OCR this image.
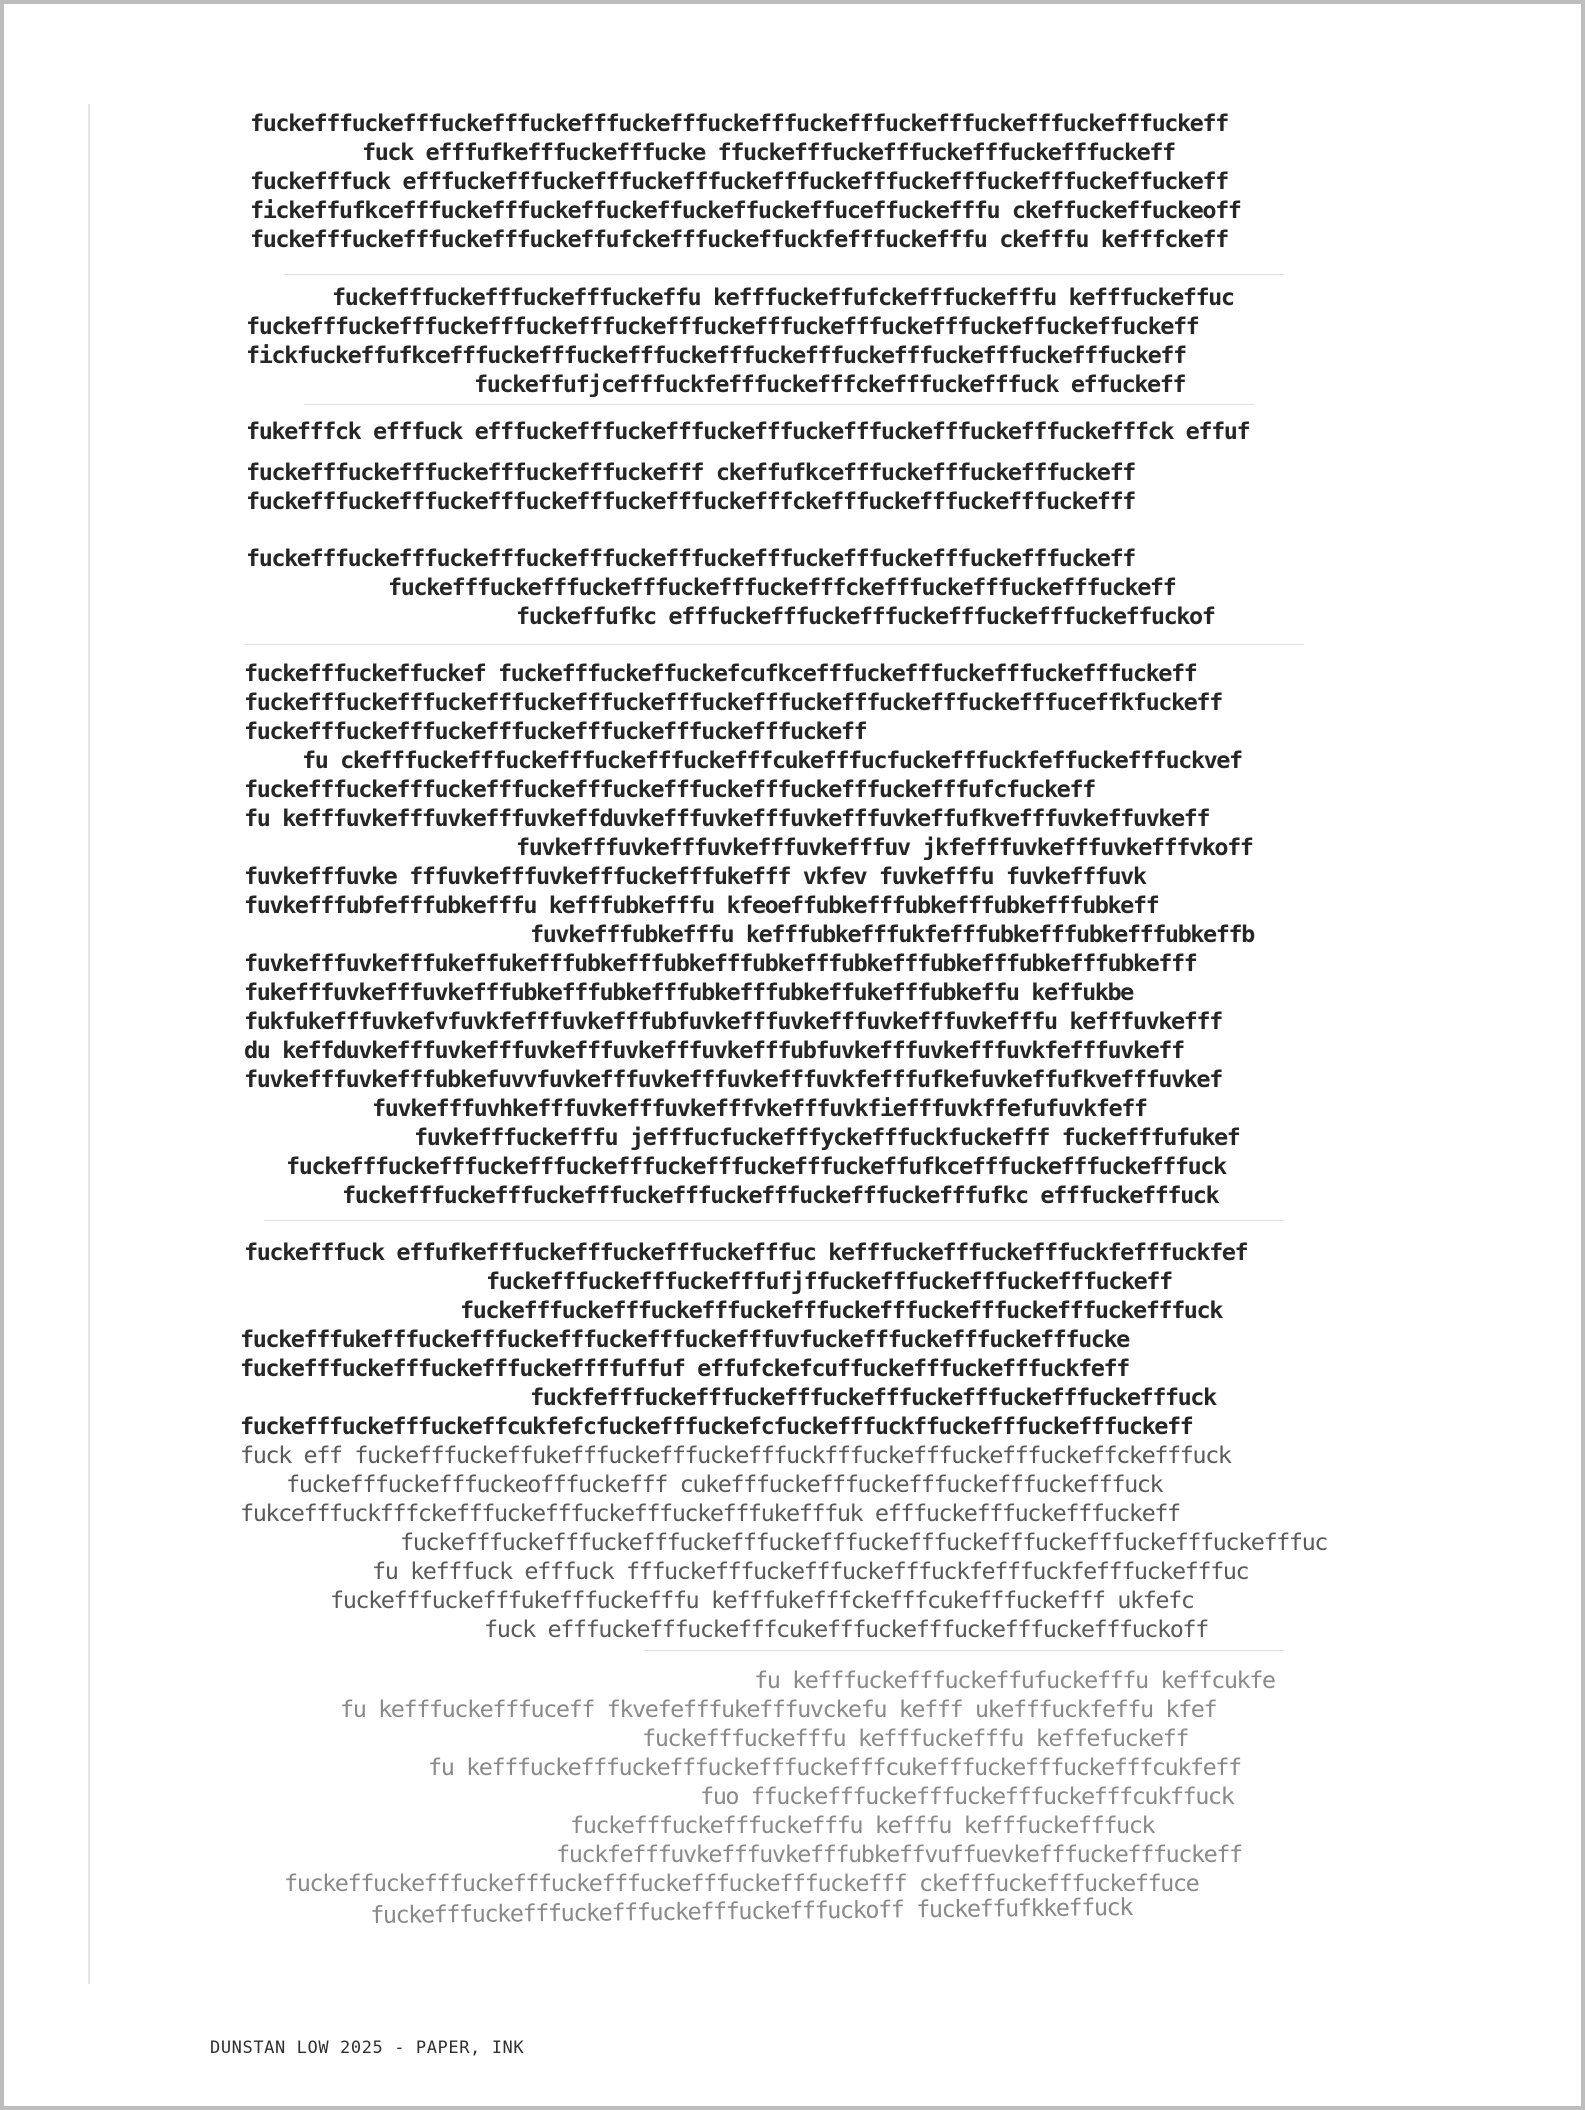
fuckefffuckefffuckefffuckefffuckefffuckefffuckefffuckefffuckefffuckefffuckeff
fuck efffufkefffuckefffucke ffuckefffuckefffuckefffuckefffuckeff
fuckefffuck efffuckefffuckefffuckefffuckefffuckefffuckefffuckefffuckeffuckeff
fickeffufkcefffuckefffuckeffuckeffuckeffuckeffuceffuckefffu ckeffuckeffuckeoff
fuckefffuckefffuckefffuckeffufckefffuckeffuckfefffuckefffu ckefffu kefffckeff
fuckefffuckefffuckefffuckeffu kefffuckeffufckefffuckefffu kefffuckeffuc
fuckefffuckefffuckefffuckefffuckefffuckefffuckefffuckefffuckeffuckeffuckeff
fickfuckeffufkcefffuckefffuckefffuckefffuckefffuckefffuckefffuckefffuckeff
fuckeffufjcefffuckfefffuckefffckefffuckefffuck effuckeff
fukefffck efffuck efffuckefffuckefffuckefffuckefffuckefffuckefffuckefffck effuf
fuckefffuckefffuckefffuckefffuckefff ckeffufkcefffuckefffuckefffuckeff
fuckefffuckefffuckefffuckefffuckefffuckefffckefffuckefffuckefffuckefff
fuckefffuckefffuckefffuckefffuckefffuckefffuckefffuckefffuckefffuckeff
fuckefffuckefffuckefffuckefffuckefffckefffuckefffuckefffuckeff
fuckeffufkc efffuckefffuckefffuckefffuckefffuckeffuckof
fuckefffuckeffuckef fuckefffuckeffuckefcufkcefffuckefffuckefffuckefffuckeff
fuckefffuckefffuckefffuckefffuckefffuckefffuckefffuckefffuckefffuceffkfuckeff
fuckefffuckefffuckefffuckefffuckefffuckefffuckeff
fu ckefffuckefffuckefffuckefffuckefffcukefffucfuckefffuckfeffuckefffuckvef
fuckefffuckefffuckefffuckefffuckefffuckefffuckefffuckefffufcfuckeff
fu kefffuvkefffuvkefffuvkeffduvkefffuvkefffuvkefffuvkeffufkvefffuvkeffuvkeff
fuvkefffuvkefffuvkefffuvkefffuv jkfefffuvkefffuvkefffvkoff
fuvkefffuvke fffuvkefffuvkefffuckefffukefff vkfev fuvkefffu fuvkefffuvk
fuvkefffubfefffubkefffu kefffubkefffu kfeoeffubkefffubkefffubkefffubkeff
fuvkefffubkefffu kefffubkefffukfefffubkefffubkefffubkeffb
fuvkefffuvkefffukeffukefffubkefffubkefffubkefffubkefffubkefffubkefffubkefff
fukefffuvkefffuvkefffubkefffubkefffubkefffubkeffukefffubkeffu keffukbe
fukfukefffuvkefvfuvkfefffuvkefffubfuvkefffuvkefffuvkefffuvkefffu kefffuvkefff
du keffduvkefffuvkefffuvkefffuvkefffuvkefffubfuvkefffuvkefffuvkfefffuvkeff
fuvkefffuvkefffubkefuvvfuvkefffuvkefffuvkefffuvkfefffufkefuvkeffufkvefffuvkef
fuvkefffuvhkefffuvkefffuvkefffvkefffuvkfiefffuvkffefufuvkfeff
fuvkefffuckefffu jefffucfuckefffyckefffuckfuckefff fuckefffufukef
fuckefffuckefffuckefffuckefffuckefffuckefffuckeffufkcefffuckefffuckefffuck
fuckefffuckefffuckefffuckefffuckefffuckefffuckefffufkc efffuckefffuck
fuckefffuck effufkefffuckefffuckefffuckefffuc kefffuckefffuckefffuckfefffuckfef
fuckefffuckefffuckefffufjffuckefffuckefffuckefffuckeff
fuckefffuckefffuckefffuckefffuckefffuckefffuckefffuckefffuck
fuckefffukefffuckefffuckefffuckefffuckefffuvfuckefffuckefffuckefffucke
fuckefffuckefffuckefffuckeffffuffuf effufckefcuffuckefffuckefffuckfeff
fuckfefffuckefffuckefffuckefffuckefffuckefffuckefffuck
fuckefffuckefffuckeffcukfefcfuckefffuckefcfuckefffuckffuckefffuckefffuckeff
fuck eff fuckefffuckeffukefffuckefffuckefffuckfffuckefffuckefffuckeffckefffuck
fuckefffuckefffuckeofffuckefff cukefffuckefffuckefffuckefffuckefffuck
fukcefffuckfffckefffuckefffuckefffuckefffukefffuk efffuckefffuckefffuckeff
fuckefffuckefffuckefffuckefffuckefffuckefffuckefffuckefffuckefffuckefffuc
fu kefffuck efffuck fffuckefffuckefffuckefffuckfefffuckfefffuckefffuc
fuckefffuckefffukefffuckefffu kefffukefffckefffcukefffuckefff ukfefc
fuck efffuckefffuckefffcukefffuckefffuckefffuckefffuckoff
fu kefffuckefffuckeffufuckefffu keffcukfe
fu kefffuckefffuceff fkvefefffukefffuvckefu kefff ukefffuckfeffu kfef
fuckefffuckefffu kefffuckefffu keffefuckeff
fu kefffuckefffuckefffuckefffuckefffcukefffuckefffuckefffcukfeff
fuo ffuckefffuckefffuckefffuckefffcukffuck
fuckefffuckefffuckefffu kefffu kefffuckefffuck
fuckfefffuvkefffuvkefffubkeffvuffuevkefffuckefffuckeff
fuckeffuckefffuckefffuckefffuckefffuckefffuckefff ckefffuckefffuckeffuce
fuckefffuckefffuckefffuckefffuckefffuckoff fuckeffufkkeffuck
DUNSTAN LOW 2025 - PAPER, INK
